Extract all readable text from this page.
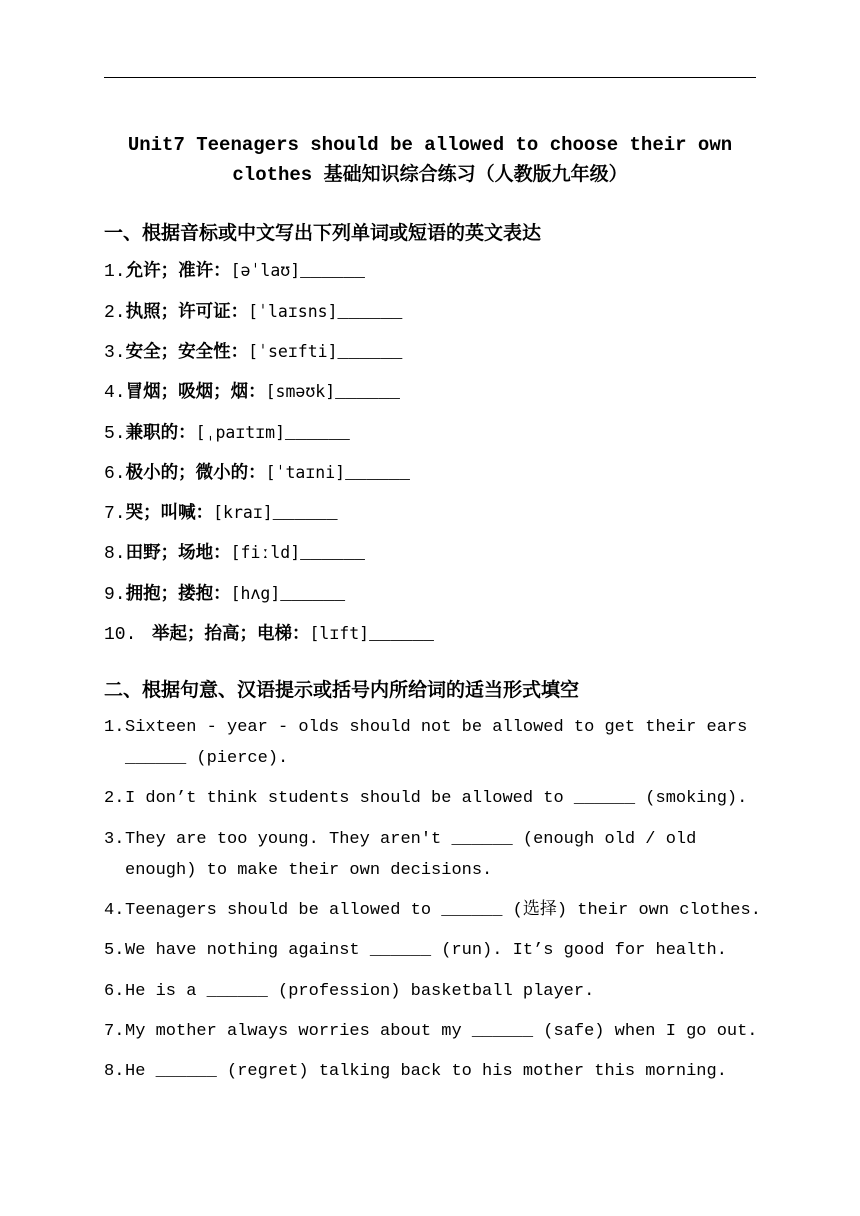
Unit7 Teenagers should be allowed to choose their own clothes 基础知识综合练习（人教版九年级）
一、根据音标或中文写出下列单词或短语的英文表达
1.允许；准许：[əˈlaʊ]______
2.执照；许可证：[ˈlaɪsns]______
3.安全；安全性：[ˈseɪfti]______
4.冒烟；吸烟；烟：[sməʊk]______
5.兼职的：[ˌpaɪtɪm]______
6.极小的；微小的：[ˈtaɪni]______
7.哭；叫喊：[kraɪ]______
8.田野；场地：[fiːld]______
9.拥抱；搂抱：[hʌg]______
10. 举起；抬高；电梯：[lɪft]______
二、根据句意、汉语提示或括号内所给词的适当形式填空
1. Sixteen - year - olds should not be allowed to get their ears ______ (pierce).
2. I don’t think students should be allowed to ______ (smoking).
3. They are too young. They aren't ______ (enough old / old enough) to make their own decisions.
4. Teenagers should be allowed to ______ (选择) their own clothes.
5. We have nothing against ______ (run). It’s good for health.
6. He is a ______ (profession) basketball player.
7. My mother always worries about my ______ (safe) when I go out.
8. He ______ (regret) talking back to his mother this morning.
